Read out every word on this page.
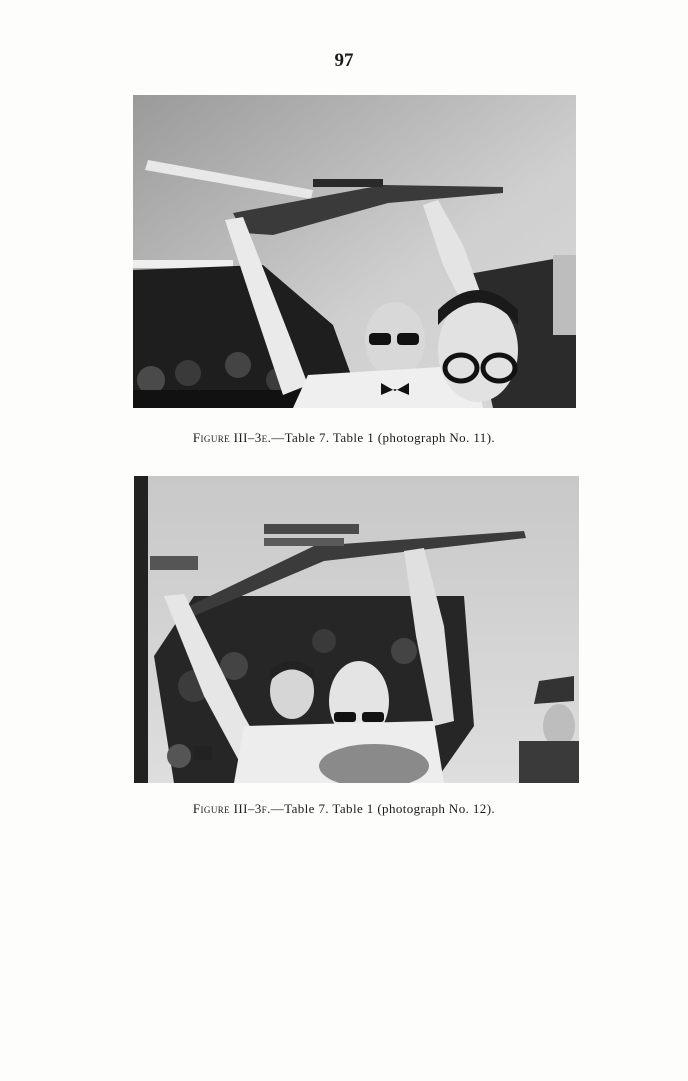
97
Figure III–3e.—Table 7. Table 1 (photograph No. 11).
Figure III–3f.—Table 7. Table 1 (photograph No. 12).
